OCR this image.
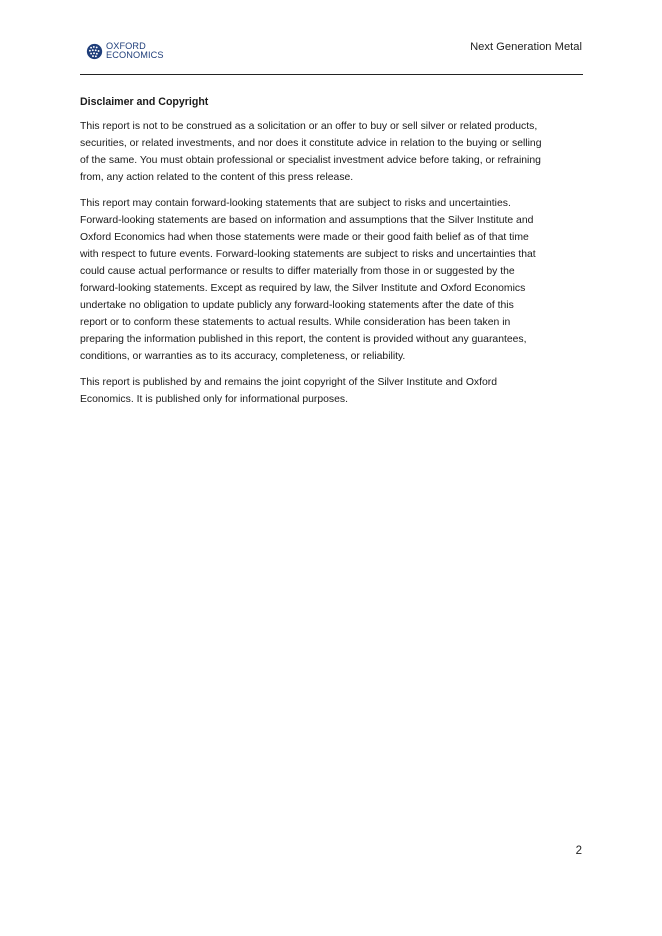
OXFORD
ECONOMICS
Next Generation Metal
Disclaimer and Copyright

This report is not to be construed as a solicitation or an offer to buy or sell silver or related products,
securities, or related investments, and nor does it constitute advice in relation to the buying or selling
of the same. You must obtain professional or specialist investment advice before taking, or refraining
from, any action related to the content of this press release.

This report may contain forward-looking statements that are subject to risks and uncertainties.
Forward-looking statements are based on information and assumptions that the Silver Institute and
Oxford Economics had when those statements were made or their good faith belief as of that time
with respect to future events. Forward-looking statements are subject to risks and uncertainties that
could cause actual performance or results to differ materially from those in or suggested by the
forward-looking statements. Except as required by law, the Silver Institute and Oxford Economics
undertake no obligation to update publicly any forward-looking statements after the date of this
report or to conform these statements to actual results. While consideration has been taken in
preparing the information published in this report, the content is provided without any guarantees,
conditions, or warranties as to its accuracy, completeness, or reliability.

This report is published by and remains the joint copyright of the Silver Institute and Oxford
Economics. It is published only for informational purposes.

2
